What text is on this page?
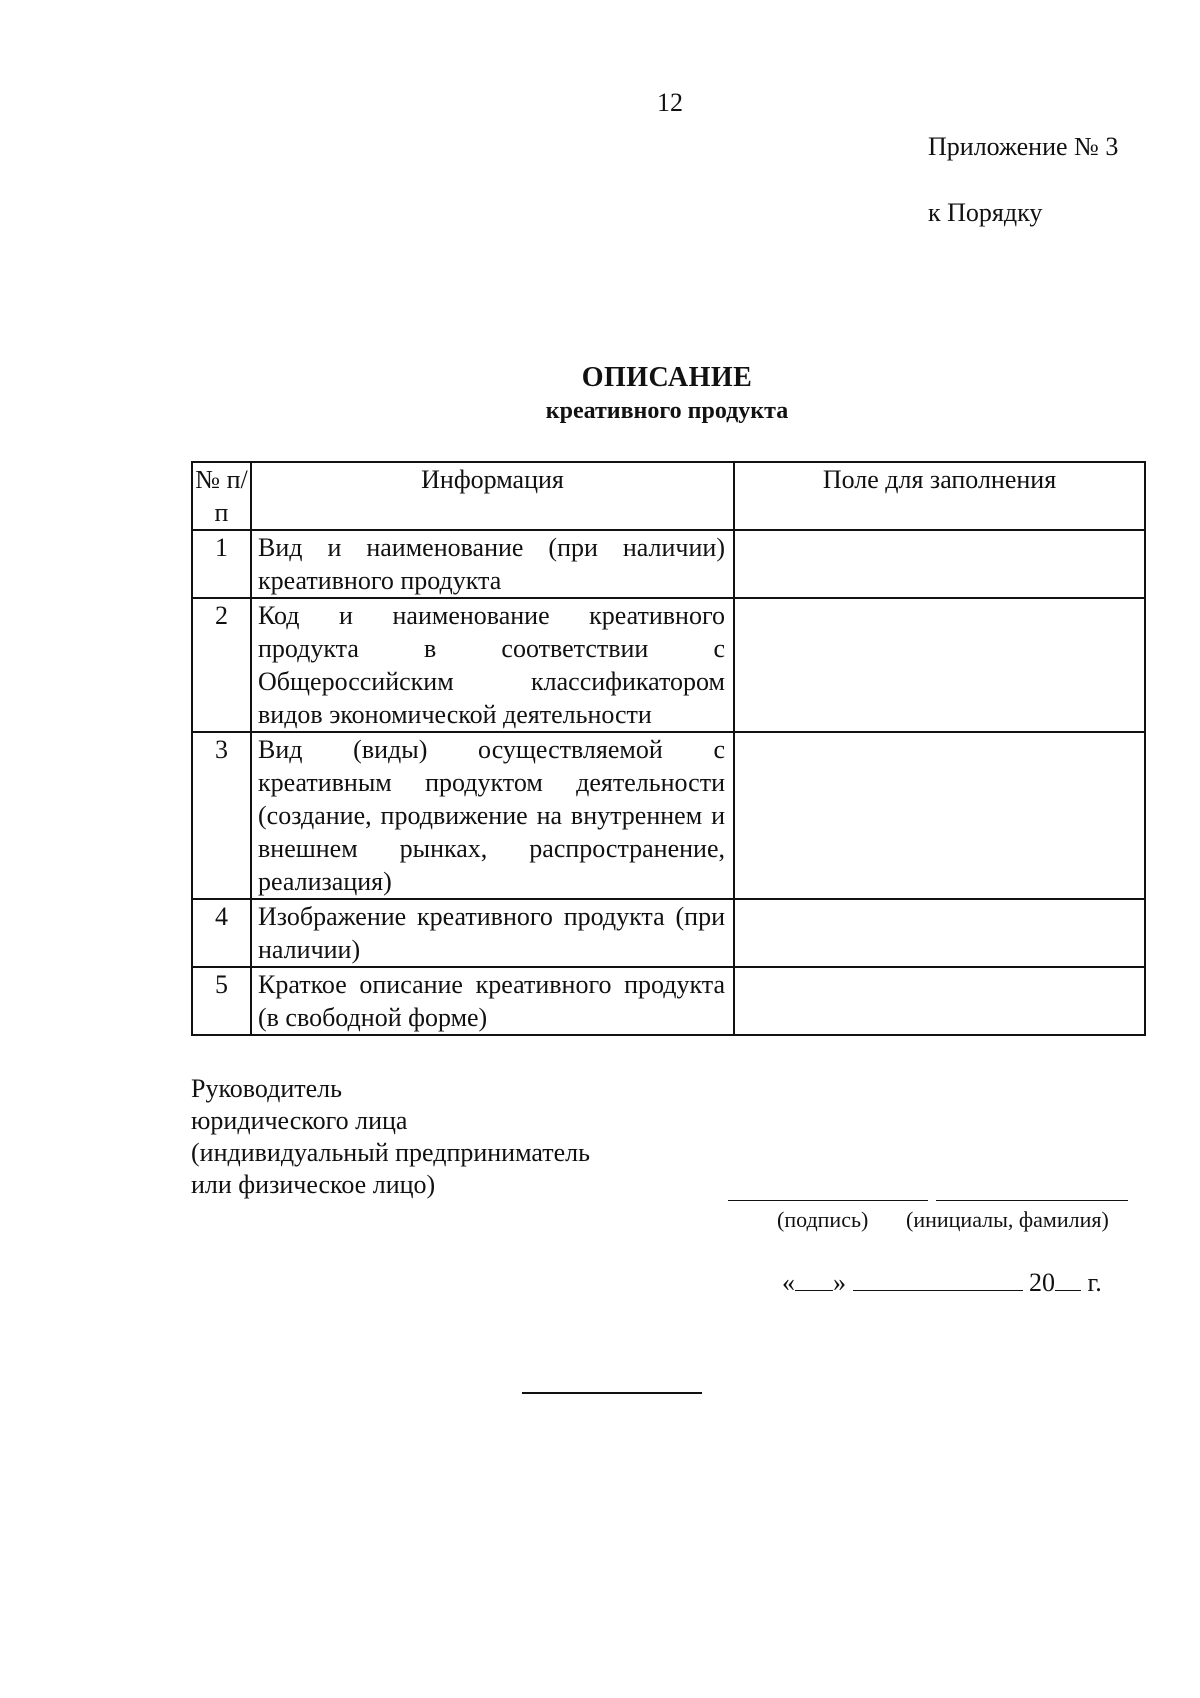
12
Приложение № 3
к Порядку
ОПИСАНИЕ
креативного продукта
№ п/п	Информация	Поле для заполнения
1	Вид и наименование (при наличии) креативного продукта	
2	Код и наименование креативного продукта в соответствии с Общероссийским классификатором видов экономической деятельности	
3	Вид (виды) осуществляемой с креативным продуктом деятельности (создание, продвижение на внутреннем и внешнем рынках, распространение, реализация)	
4	Изображение креативного продукта (при наличии)	
5	Краткое описание креативного продукта (в свободной форме)	
Руководитель
юридического лица
(индивидуальный предприниматель
или физическое лицо)
(подпись) (инициалы, фамилия)
« »	20 г.
